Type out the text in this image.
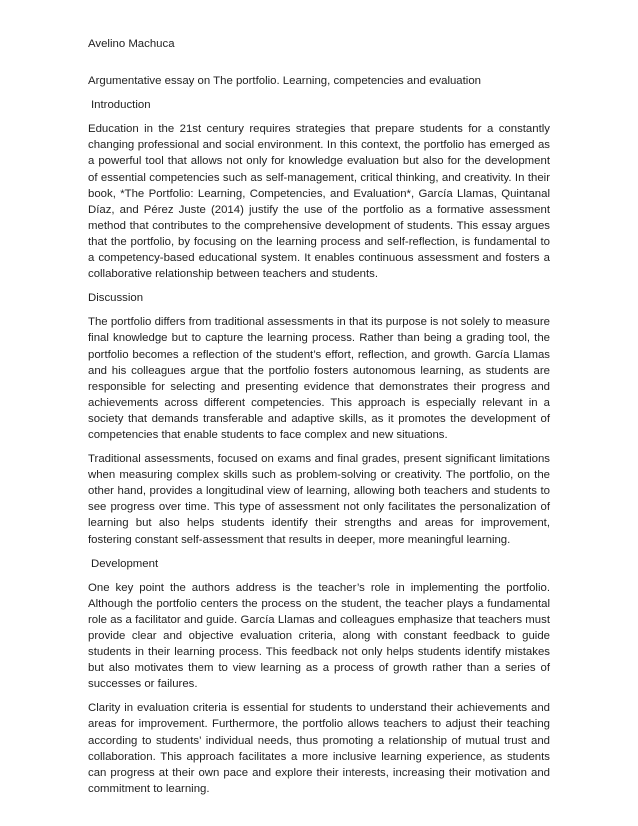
Avelino Machuca
Argumentative essay on The portfolio. Learning, competencies and evaluation
Introduction
Education in the 21st century requires strategies that prepare students for a constantly changing professional and social environment. In this context, the portfolio has emerged as a powerful tool that allows not only for knowledge evaluation but also for the development of essential competencies such as self-management, critical thinking, and creativity. In their book, *The Portfolio: Learning, Competencies, and Evaluation*, García Llamas, Quintanal Díaz, and Pérez Juste (2014) justify the use of the portfolio as a formative assessment method that contributes to the comprehensive development of students. This essay argues that the portfolio, by focusing on the learning process and self-reflection, is fundamental to a competency-based educational system. It enables continuous assessment and fosters a collaborative relationship between teachers and students.
Discussion
The portfolio differs from traditional assessments in that its purpose is not solely to measure final knowledge but to capture the learning process. Rather than being a grading tool, the portfolio becomes a reflection of the student’s effort, reflection, and growth. García Llamas and his colleagues argue that the portfolio fosters autonomous learning, as students are responsible for selecting and presenting evidence that demonstrates their progress and achievements across different competencies. This approach is especially relevant in a society that demands transferable and adaptive skills, as it promotes the development of competencies that enable students to face complex and new situations.
Traditional assessments, focused on exams and final grades, present significant limitations when measuring complex skills such as problem-solving or creativity. The portfolio, on the other hand, provides a longitudinal view of learning, allowing both teachers and students to see progress over time. This type of assessment not only facilitates the personalization of learning but also helps students identify their strengths and areas for improvement, fostering constant self-assessment that results in deeper, more meaningful learning.
Development
One key point the authors address is the teacher’s role in implementing the portfolio. Although the portfolio centers the process on the student, the teacher plays a fundamental role as a facilitator and guide. García Llamas and colleagues emphasize that teachers must provide clear and objective evaluation criteria, along with constant feedback to guide students in their learning process. This feedback not only helps students identify mistakes but also motivates them to view learning as a process of growth rather than a series of successes or failures.
Clarity in evaluation criteria is essential for students to understand their achievements and areas for improvement. Furthermore, the portfolio allows teachers to adjust their teaching according to students’ individual needs, thus promoting a relationship of mutual trust and collaboration. This approach facilitates a more inclusive learning experience, as students can progress at their own pace and explore their interests, increasing their motivation and commitment to learning.
